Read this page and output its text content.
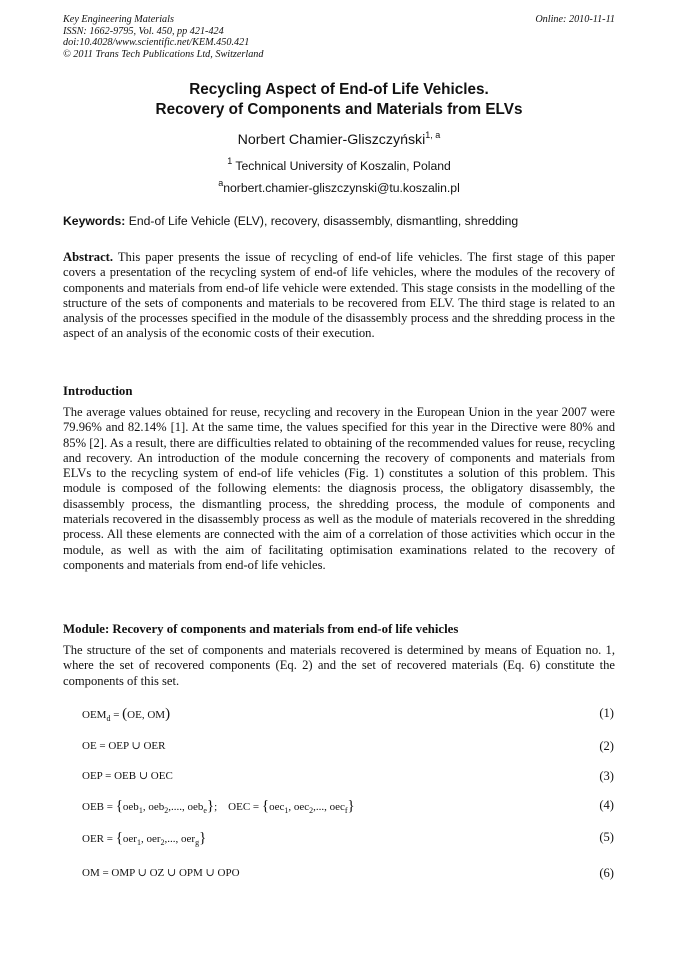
Key Engineering Materials
ISSN: 1662-9795, Vol. 450, pp 421-424
doi:10.4028/www.scientific.net/KEM.450.421
© 2011 Trans Tech Publications Ltd, Switzerland
Online: 2010-11-11
Recycling Aspect of End-of Life Vehicles.
Recovery of Components and Materials from ELVs
Norbert Chamier-Gliszczyński$^{1, a}$
$^1$ Technical University of Koszalin, Poland
$^a$norbert.chamier-gliszczynski@tu.koszalin.pl
Keywords: End-of Life Vehicle (ELV), recovery, disassembly, dismantling, shredding
Abstract. This paper presents the issue of recycling of end-of life vehicles. The first stage of this paper covers a presentation of the recycling system of end-of life vehicles, where the modules of the recovery of components and materials from end-of life vehicle were extended. This stage consists in the modelling of the structure of the sets of components and materials to be recovered from ELV. The third stage is related to an analysis of the processes specified in the module of the disassembly process and the shredding process in the aspect of an analysis of the economic costs of their execution.
Introduction
The average values obtained for reuse, recycling and recovery in the European Union in the year 2007 were 79.96% and 82.14% [1]. At the same time, the values specified for this year in the Directive were 80% and 85% [2]. As a result, there are difficulties related to obtaining of the recommended values for reuse, recycling and recovery. An introduction of the module concerning the recovery of components and materials from ELVs to the recycling system of end-of life vehicles (Fig. 1) constitutes a solution of this problem. This module is composed of the following elements: the diagnosis process, the obligatory disassembly, the disassembly process, the dismantling process, the shredding process, the module of components and materials recovered in the disassembly process as well as the module of materials recovered in the shredding process. All these elements are connected with the aim of a correlation of those activities which occur in the module, as well as with the aim of facilitating optimisation examinations related to the recovery of components and materials from end-of life vehicles.
Module: Recovery of components and materials from end-of life vehicles
The structure of the set of components and materials recovered is determined by means of Equation no. 1, where the set of recovered components (Eq. 2) and the set of recovered materials (Eq. 6) constitute the components of this set.
$OEM_d = (OE$, OM)	(1)
OE = OEP ∪ OER	(2)
OEP = OEB ∪ OEC	(3)
OEB = {oeb$_1$, oeb$_2$,...., oeb$_e$};    OEC = {oec$_1$, oec$_2$,..., oec$_f$}	(4)
OER = {oer$_1$, oer$_2$,..., oer$_g$}	(5)
OM = OMP ∪ OZ ∪ OPM ∪ OPO	(6)
